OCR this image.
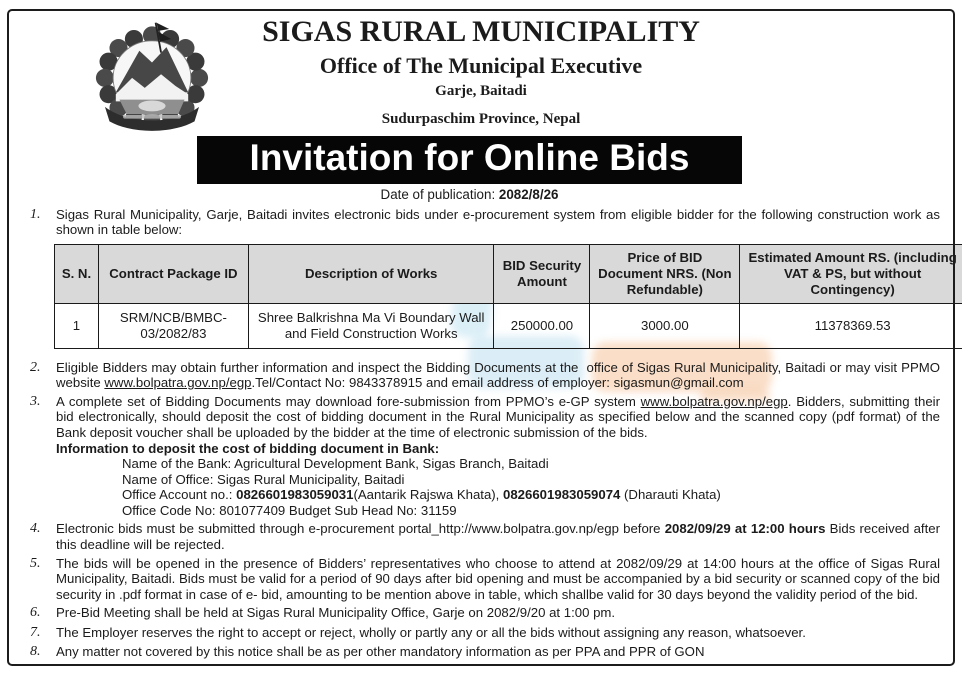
SIGAS RURAL MUNICIPALITY
Office of The Municipal Executive
Garje, Baitadi
Sudurpaschim Province, Nepal
Invitation for Online Bids
Date of publication: 2082/8/26
1.	Sigas Rural Municipality, Garje, Baitadi invites electronic bids under e-procurement system from eligible bidder for the following construction work as shown in table below:
S. N.	Contract Package ID	Description of Works	BID Security Amount	Price of BID Document NRS. (Non Refundable)	Estimated Amount RS. (including VAT & PS, but without Contingency)
1	SRM/NCB/BMBC-03/2082/83	Shree Balkrishna Ma Vi Boundary Wall and Field Construction Works	250000.00	3000.00	11378369.53
2.	Eligible Bidders may obtain further information and inspect the Bidding Documents at the  office of Sigas Rural Municipality, Baitadi or may visit PPMO website www.bolpatra.gov.np/egp.Tel/Contact No: 9843378915 and email address of employer: sigasmun@gmail.com
3.	A complete set of Bidding Documents may download fore-submission from PPMO’s e-GP system www.bolpatra.gov.np/egp. Bidders, submitting their bid electronically, should deposit the cost of bidding document in the Rural Municipality as specified below and the scanned copy (pdf format) of the Bank deposit voucher shall be uploaded by the bidder at the time of electronic submission of the bids.
Information to deposit the cost of bidding document in Bank:
Name of the Bank: Agricultural Development Bank, Sigas Branch, Baitadi
Name of Office: Sigas Rural Municipality, Baitadi
Office Account no.: 0826601983059031(Aantarik Rajswa Khata), 0826601983059074 (Dharauti Khata)
Office Code No: 801077409 Budget Sub Head No: 31159
4.	Electronic bids must be submitted through e-procurement portal_http://www.bolpatra.gov.np/egp before 2082/09/29 at 12:00 hours Bids received after this deadline will be rejected.
5.	The bids will be opened in the presence of Bidders’ representatives who choose to attend at 2082/09/29 at 14:00 hours at the office of Sigas Rural Municipality, Baitadi. Bids must be valid for a period of 90 days after bid opening and must be accompanied by a bid security or scanned copy of the bid security in .pdf format in case of e- bid, amounting to be mention above in table, which shallbe valid for 30 days beyond the validity period of the bid.
6.	Pre-Bid Meeting shall be held at Sigas Rural Municipality Office, Garje on 2082/9/20 at 1:00 pm.
7.	The Employer reserves the right to accept or reject, wholly or partly any or all the bids without assigning any reason, whatsoever.
8.	Any matter not covered by this notice shall be as per other mandatory information as per PPA and PPR of GON
